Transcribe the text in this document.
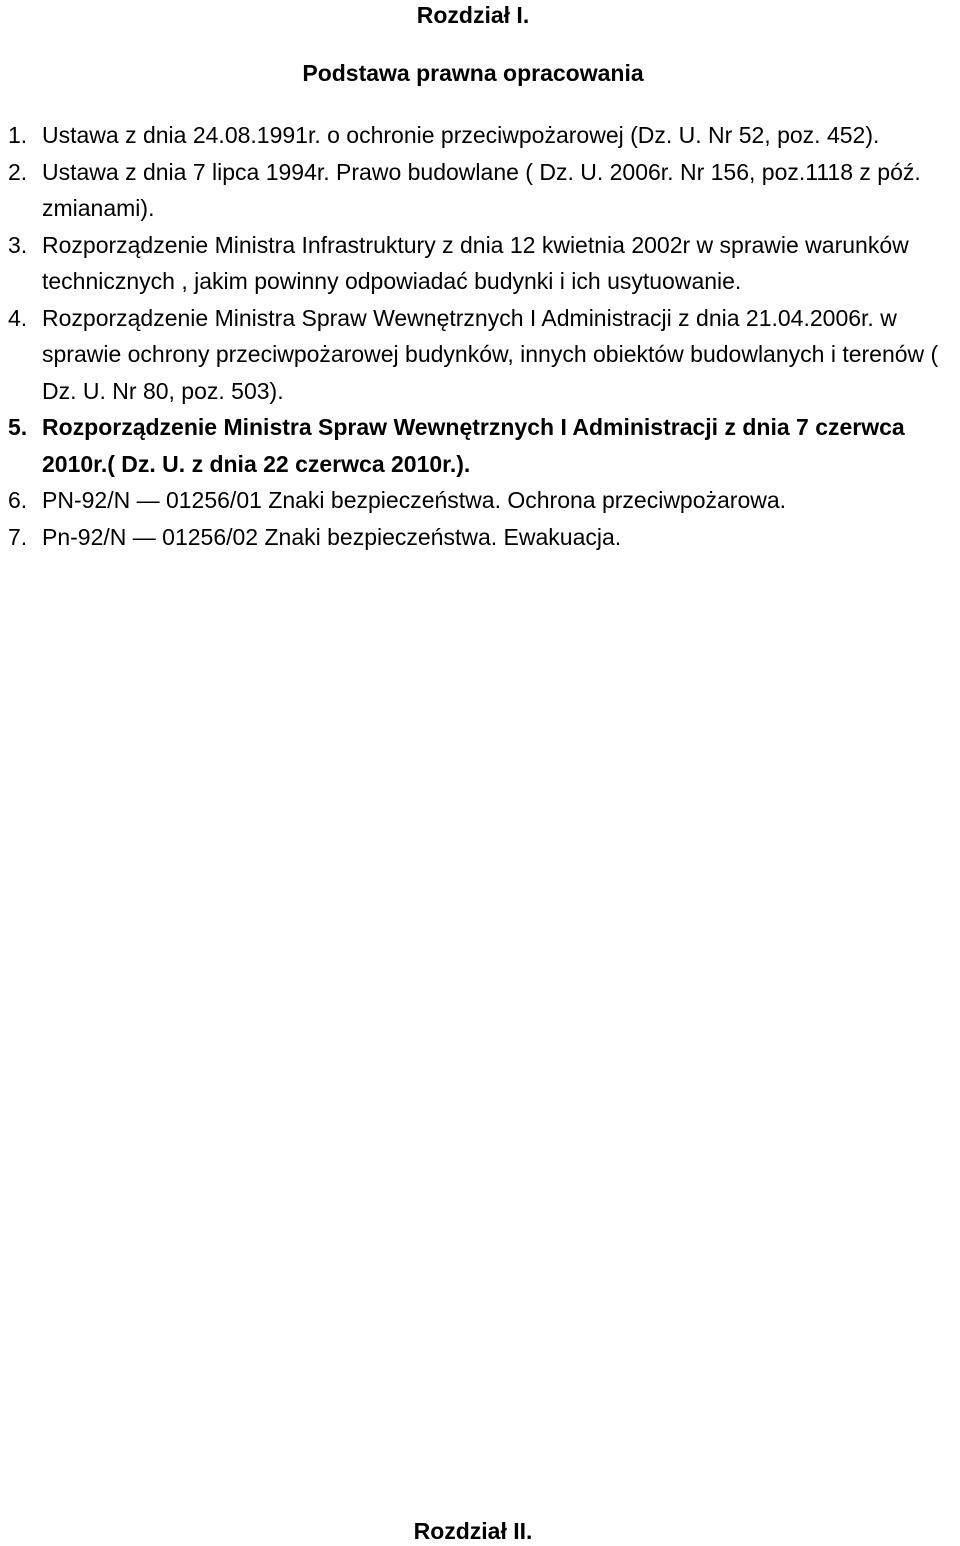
Rozdział I.
Podstawa prawna opracowania
1. Ustawa z dnia 24.08.1991r. o ochronie przeciwpożarowej (Dz. U. Nr 52, poz. 452).
2. Ustawa z dnia 7 lipca 1994r. Prawo budowlane ( Dz. U. 2006r. Nr 156, poz.1118 z póź. zmianami).
3. Rozporządzenie Ministra Infrastruktury z dnia 12 kwietnia 2002r w sprawie warunków technicznych , jakim powinny odpowiadać budynki i ich usytuowanie.
4. Rozporządzenie Ministra Spraw Wewnętrznych I Administracji z dnia 21.04.2006r. w sprawie ochrony przeciwpożarowej budynków, innych obiektów budowlanych i terenów ( Dz. U. Nr 80, poz. 503).
5. Rozporządzenie Ministra Spraw Wewnętrznych I Administracji z dnia 7 czerwca 2010r.( Dz. U. z dnia 22 czerwca 2010r.).
6. PN-92/N — 01256/01 Znaki bezpieczeństwa. Ochrona przeciwpożarowa.
7. Pn-92/N — 01256/02 Znaki bezpieczeństwa. Ewakuacja.
Rozdział II.
